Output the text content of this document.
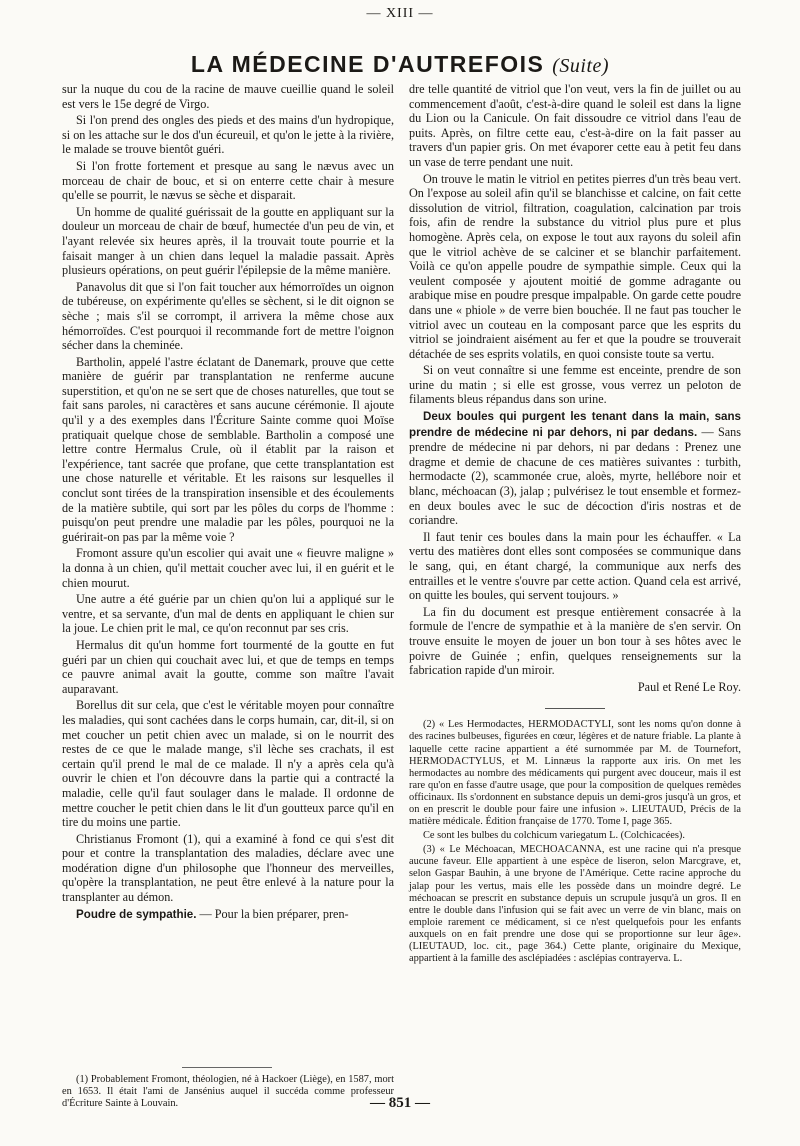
— XIII —
LA MÉDECINE D'AUTREFOIS (Suite)

sur la nuque du cou de la racine de mauve cueillie quand le soleil est vers le 15e degré de Virgo.

Si l'on prend des ongles des pieds et des mains d'un hydropique, si on les attache sur le dos d'un écureuil, et qu'on le jette à la rivière, le malade se trouve bientôt guéri.

Si l'on frotte fortement et presque au sang le nævus avec un morceau de chair de bouc, et si on enterre cette chair à mesure qu'elle se pourrit, le nævus se sèche et disparait.

Un homme de qualité guérissait de la goutte en appliquant sur la douleur un morceau de chair de bœuf, humectée d'un peu de vin, et l'ayant relevée six heures après, il la trouvait toute pourrie et la faisait manger à un chien dans lequel la maladie passait. Après plusieurs opérations, on peut guérir l'épilepsie de la même manière.

Panavolus dit que si l'on fait toucher aux hémorroïdes un oignon de tubéreuse, on expérimente qu'elles se sèchent, si le dit oignon se sèche ; mais s'il se corrompt, il arrivera la même chose aux hémorroïdes. C'est pourquoi il recommande fort de mettre l'oignon sécher dans la cheminée.

Bartholin, appelé l'astre éclatant de Danemark, prouve que cette manière de guérir par transplantation ne renferme aucune superstition, et qu'on ne se sert que de choses naturelles, que tout se fait sans paroles, ni caractères et sans aucune cérémonie. Il ajoute qu'il y a des exemples dans l'Écriture Sainte comme quoi Moïse pratiquait quelque chose de semblable. Bartholin a composé une lettre contre Hermalus Crule, où il établit par la raison et l'expérience, tant sacrée que profane, que cette transplantation est une chose naturelle et véritable. Et les raisons sur lesquelles il conclut sont tirées de la transpiration insensible et des écoulements de la matière subtile, qui sort par les pôles du corps de l'homme : puisqu'on peut prendre une maladie par les pôles, pourquoi ne la guérirait-on pas par la même voie ?

Fromont assure qu'un escolier qui avait une « fieuvre maligne » la donna à un chien, qu'il mettait coucher avec lui, il en guérit et le chien mourut.

Une autre a été guérie par un chien qu'on lui a appliqué sur le ventre, et sa servante, d'un mal de dents en appliquant le chien sur la joue. Le chien prit le mal, ce qu'on reconnut par ses cris.

Hermalus dit qu'un homme fort tourmenté de la goutte en fut guéri par un chien qui couchait avec lui, et que de temps en temps ce pauvre animal avait la goutte, comme son maître l'avait auparavant.

Borellus dit sur cela, que c'est le véritable moyen pour connaître les maladies, qui sont cachées dans le corps humain, car, dit-il, si on met coucher un petit chien avec un malade, si on le nourrit des restes de ce que le malade mange, s'il lèche ses crachats, il est certain qu'il prend le mal de ce malade. Il n'y a après cela qu'à ouvrir le chien et l'on découvre dans la partie qui a contracté la maladie, celle qu'il faut soulager dans le malade. Il ordonne de mettre coucher le petit chien dans le lit d'un goutteux parce qu'il en tire du moins une partie.

Christianus Fromont (1), qui a examiné à fond ce qui s'est dit pour et contre la transplantation des maladies, déclare avec une modération digne d'un philosophe que l'honneur des merveilles, qu'opère la transplantation, ne peut être enlevé à la nature pour la transplanter au démon.

Poudre de sympathie. — Pour la bien préparer, pren-

(1) Probablement Fromont, théologien, né à Hackoer (Liège), en 1587, mort en 1653. Il était l'ami de Jansénius auquel il succéda comme professeur d'Écriture Sainte à Louvain.

dre telle quantité de vitriol que l'on veut, vers la fin de juillet ou au commencement d'août, c'est-à-dire quand le soleil est dans la ligne du Lion ou la Canicule. On fait dissoudre ce vitriol dans l'eau de puits. Après, on filtre cette eau, c'est-à-dire on la fait passer au travers d'un papier gris. On met évaporer cette eau à petit feu dans un vase de terre pendant une nuit.

On trouve le matin le vitriol en petites pierres d'un très beau vert. On l'expose au soleil afin qu'il se blanchisse et calcine, on fait cette dissolution de vitriol, filtration, coagulation, calcination par trois fois, afin de rendre la substance du vitriol plus pure et plus homogène. Après cela, on expose le tout aux rayons du soleil afin que le vitriol achève de se calciner et se blanchir parfaitement. Voilà ce qu'on appelle poudre de sympathie simple. Ceux qui la veulent composée y ajoutent moitié de gomme adragante ou arabique mise en poudre presque impalpable. On garde cette poudre dans une « phiole » de verre bien bouchée. Il ne faut pas toucher le vitriol avec un couteau en la composant parce que les esprits du vitriol se joindraient aisément au fer et que la poudre se trouverait détachée de ses esprits volatils, en quoi consiste toute sa vertu.

Si on veut connaître si une femme est enceinte, prendre de son urine du matin ; si elle est grosse, vous verrez un peloton de filaments bleus répandus dans son urine.

Deux boules qui purgent les tenant dans la main, sans prendre de médecine ni par dehors, ni par dedans. — Sans prendre de médecine ni par dehors, ni par dedans : Prenez une dragme et demie de chacune de ces matières suivantes : turbith, hermodacte (2), scammonée crue, aloès, myrte, hellébore noir et blanc, méchoacan (3), jalap ; pulvérisez le tout ensemble et formez-en deux boules avec le suc de décoction d'iris nostras et de coriandre.

Il faut tenir ces boules dans la main pour les échauffer. « La vertu des matières dont elles sont composées se communique dans le sang, qui, en étant chargé, la communique aux nerfs des entrailles et le ventre s'ouvre par cette action. Quand cela est arrivé, on quitte les boules, qui servent toujours. »

La fin du document est presque entièrement consacrée à la formule de l'encre de sympathie et à la manière de s'en servir. On trouve ensuite le moyen de jouer un bon tour à ses hôtes avec le poivre de Guinée ; enfin, quelques renseignements sur la fabrication rapide d'un miroir.

Paul et René Le Roy.

(2) « Les Hermodactes, HERMODACTYLI, sont les noms qu'on donne à des racines bulbeuses, figurées en cœur, légères et de nature friable. La plante à laquelle cette racine appartient a été surnommée par M. de Tournefort, HERMODACTYLUS, et M. Linnæus la rapporte aux iris. On met les hermodactes au nombre des médicaments qui purgent avec douceur, mais il est rare qu'on en fasse d'autre usage, que pour la composition de quelques remèdes officinaux. Ils s'ordonnent en substance depuis un demi-gros jusqu'à un gros, et on en prescrit le double pour faire une infusion ». LIEUTAUD, Précis de la matière médicale. Édition française de 1770. Tome I, page 365.

Ce sont les bulbes du colchicum variegatum L. (Colchicacées).

(3) « Le Méchoacan, MECHOACANNA, est une racine qui n'a presque aucune faveur. Elle appartient à une espèce de liseron, selon Marcgrave, et, selon Gaspar Bauhin, à une bryone de l'Amérique. Cette racine approche du jalap pour les vertus, mais elle les possède dans un moindre degré. Le méchoacan se prescrit en substance depuis un scrupule jusqu'à un gros. Il en entre le double dans l'infusion qui se fait avec un verre de vin blanc, mais on emploie rarement ce médicament, si ce n'est quelquefois pour les enfants auxquels on en fait prendre une dose qui se proportionne sur leur âge». (LIEUTAUD, loc. cit., page 364.) Cette plante, originaire du Mexique, appartient à la famille des asclépiadées : asclépias contrayerva. L.

— 851 —
